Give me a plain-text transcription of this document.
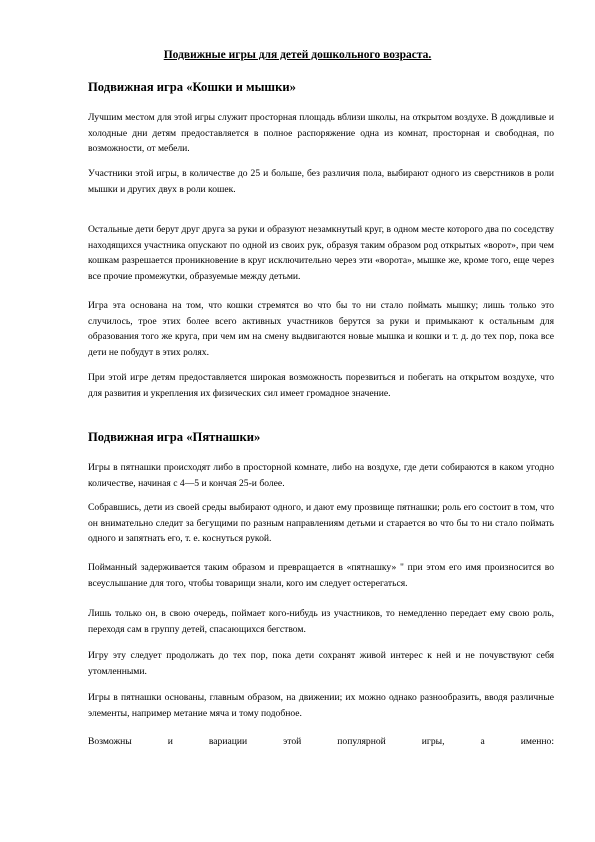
Подвижные игры для детей дошкольного возраста.
Подвижная игра «Кошки и мышки»
Лучшим местом для этой игры служит просторная площадь вблизи школы, на открытом воздухе. В дождливые и холодные дни детям предоставляется в полное распоряжение одна из комнат, просторная и свободная, по возможности, от мебели.
Участники этой игры, в количестве до 25 и больше, без различия пола, выбирают одного из сверстников в роли мышки и других двух в роли кошек.
Остальные дети берут друг друга за руки и образуют незамкнутый круг, в одном месте которого два по соседству находящихся участника опускают по одной из своих рук, образуя таким образом род открытых «ворот», при чем кошкам разрешается проникновение в круг исключительно через эти «ворота», мышке же, кроме того, еще через все прочие промежутки, образуемые между детьми.
Игра эта основана на том, что кошки стремятся во что бы то ни стало поймать мышку; лишь только это случилось, трое этих более всего активных участников берутся за руки и примыкают к остальным для образования того же круга, при чем им на смену выдвигаются новые мышка и кошки и т. д. до тех пор, пока все дети не побудут в этих ролях.
При этой игре детям предоставляется широкая возможность порезвиться и побегать на открытом воздухе, что для развития и укрепления их физических сил имеет громадное значение.
Подвижная игра «Пятнашки»
Игры в пятнашки происходят либо в просторной комнате, либо на воздухе, где дети собираются в каком угодно количестве, начиная с 4—5 и кончая 25-и более.
Собравшись, дети из своей среды выбирают одного, и дают ему прозвище пятнашки; роль его состоит в том, что он внимательно следит за бегущими по разным направлениям детьми и старается во что бы то ни стало поймать одного и запятнать его, т. е. коснуться рукой.
Пойманный задерживается таким образом и превращается в «пятнашку» " при этом его имя произносится во всеуслышание для того, чтобы товарищи знали, кого им следует остерегаться.
Лишь только он, в свою очередь, поймает кого-нибудь из участников, то немедленно передает ему свою роль, переходя сам в группу детей, спасающихся бегством.
Игру эту следует продолжать до тех пор, пока дети сохранят живой интерес к ней и не почувствуют себя утомленными.
Игры в пятнашки основаны, главным образом, на движении; их можно однако разнообразить, вводя различные элементы, например метание мяча и тому подобное.
Возможны и вариации этой популярной игры, а именно:
